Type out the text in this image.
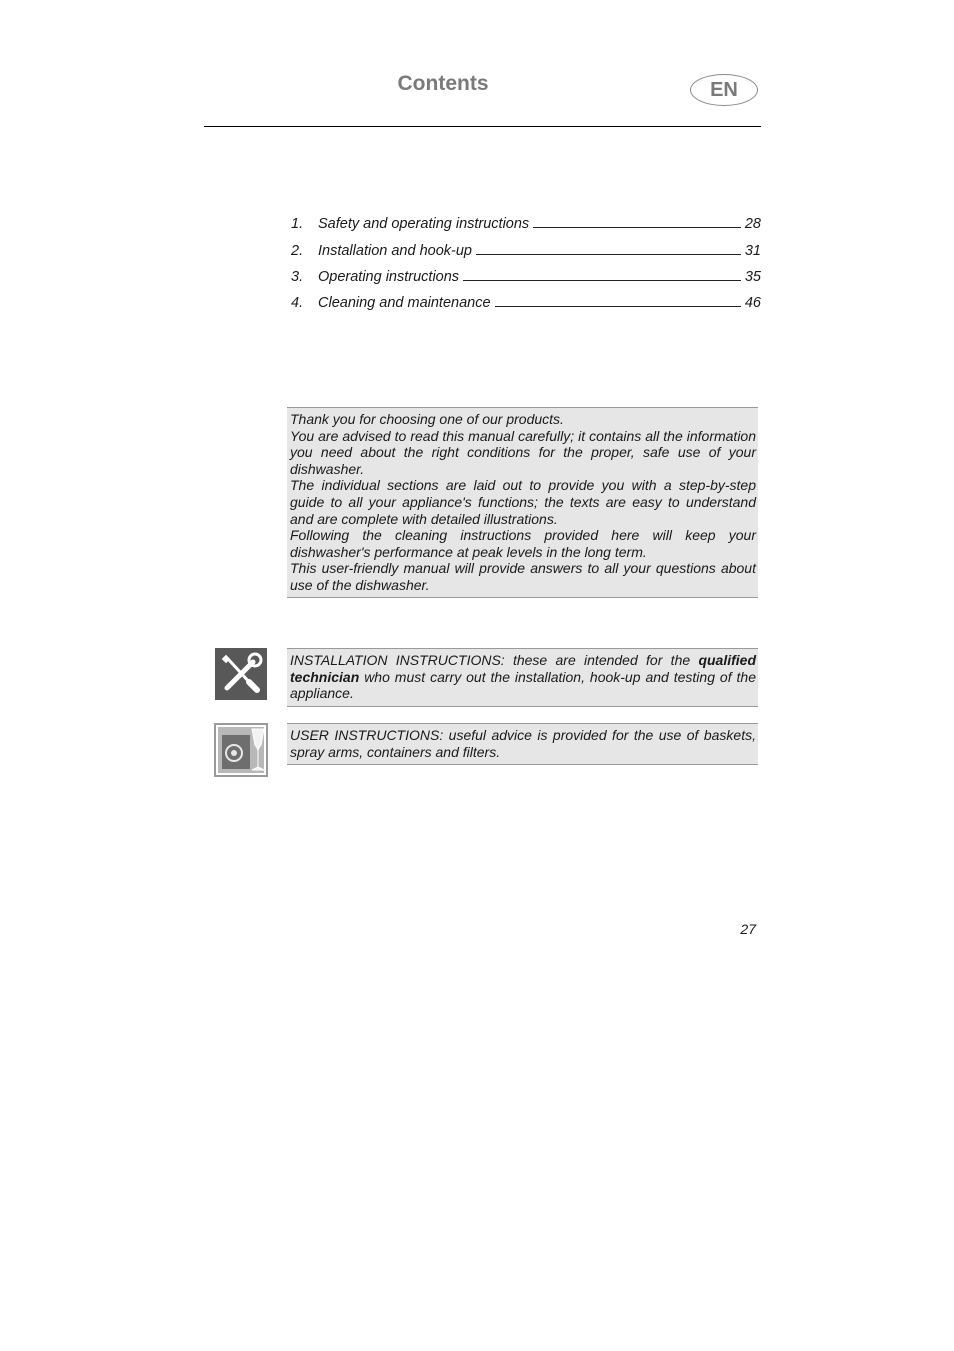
Contents	EN
1.	Safety and operating instructions	28
2.	Installation and hook-up	31
3.	Operating instructions	35
4.	Cleaning and maintenance	46

Thank you for choosing one of our products.

You are advised to read this manual carefully; it contains all the information you need about the right conditions for the proper, safe use of your dishwasher.

The individual sections are laid out to provide you with a step-by-step guide to all your appliance's functions; the texts are easy to understand and are complete with detailed illustrations.

Following the cleaning instructions provided here will keep your dishwasher's performance at peak levels in the long term.

This user-friendly manual will provide answers to all your questions about use of the dishwasher.

INSTALLATION INSTRUCTIONS: these are intended for the qualified technician who must carry out the installation, hook-up and testing of the appliance.

USER INSTRUCTIONS: useful advice is provided for the use of baskets, spray arms, containers and filters.

27
